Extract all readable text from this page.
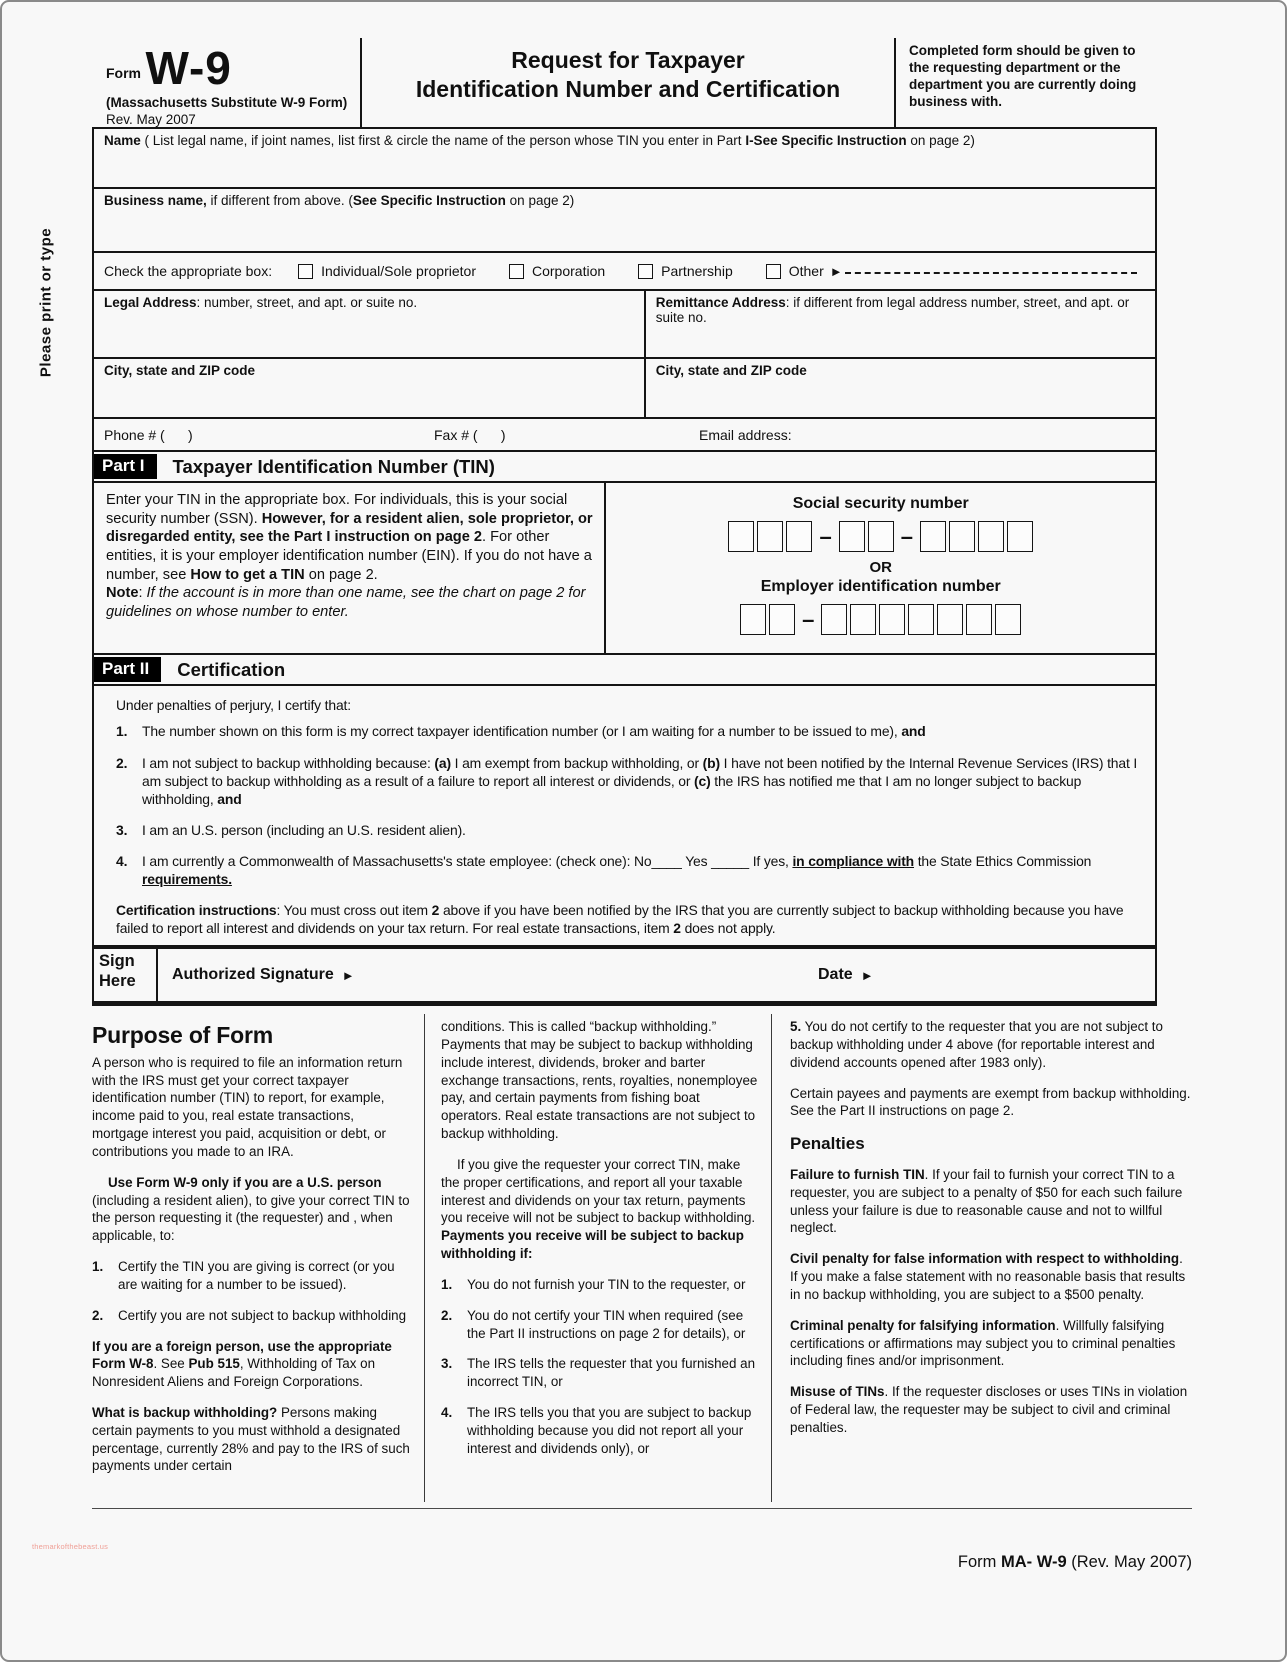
Please print or type
Form W-9
(Massachusetts Substitute W-9 Form)
Rev. May 2007
Request for Taxpayer
Identification Number and Certification
Completed form should be given to the requesting department or the department you are currently doing business with.
Name ( List legal name, if joint names, list first & circle the name of the person whose TIN you enter in Part I-See Specific Instruction on page 2)
Business name, if different from above. (See Specific Instruction on page 2)
Check the appropriate box:	Individual/Sole proprietor	Corporation	Partnership	Other ►
Legal Address: number, street, and apt. or suite no.	Remittance Address: if different from legal address number, street, and apt. or suite no.
City, state and ZIP code	City, state and ZIP code
Phone # (      )	Fax # (      )	Email address:
Part I	Taxpayer Identification Number (TIN)
Enter your TIN in the appropriate box. For individuals, this is your social security number (SSN). However, for a resident alien, sole proprietor, or disregarded entity, see the Part I instruction on page 2. For other entities, it is your employer identification number (EIN). If you do not have a number, see How to get a TIN on page 2.
Note: If the account is in more than one name, see the chart on page 2 for guidelines on whose number to enter.
Social security number
–	–
OR
Employer identification number
–
Part II	Certification
Under penalties of perjury, I certify that:
1.	The number shown on this form is my correct taxpayer identification number (or I am waiting for a number to be issued to me), and
2.	I am not subject to backup withholding because: (a) I am exempt from backup withholding, or (b) I have not been notified by the Internal Revenue Services (IRS) that I am subject to backup withholding as a result of a failure to report all interest or dividends, or (c) the IRS has notified me that I am no longer subject to backup withholding, and
3.	I am an U.S. person (including an U.S. resident alien).
4.	I am currently a Commonwealth of Massachusetts's state employee: (check one): No____ Yes _____ If yes, in compliance with the State Ethics Commission requirements.
Certification instructions: You must cross out item 2 above if you have been notified by the IRS that you are currently subject to backup withholding because you have failed to report all interest and dividends on your tax return. For real estate transactions, item 2 does not apply.
Sign
Here	Authorized Signature ►	Date ►
Purpose of Form
A person who is required to file an information return with the IRS must get your correct taxpayer identification number (TIN) to report, for example, income paid to you, real estate transactions, mortgage interest you paid, acquisition or debt, or contributions you made to an IRA.
Use Form W-9 only if you are a U.S. person (including a resident alien), to give your correct TIN to the person requesting it (the requester) and , when applicable, to:
1.	Certify the TIN you are giving is correct (or you are waiting for a number to be issued).
2.	Certify you are not subject to backup withholding
If you are a foreign person, use the appropriate Form W-8. See Pub 515, Withholding of Tax on Nonresident Aliens and Foreign Corporations.
What is backup withholding? Persons making certain payments to you must withhold a designated percentage, currently 28% and pay to the IRS of such payments under certain
conditions. This is called “backup withholding.” Payments that may be subject to backup withholding include interest, dividends, broker and barter exchange transactions, rents, royalties, nonemployee pay, and certain payments from fishing boat operators. Real estate transactions are not subject to backup withholding.
If you give the requester your correct TIN, make the proper certifications, and report all your taxable interest and dividends on your tax return, payments you receive will not be subject to backup withholding. Payments you receive will be subject to backup withholding if:
1.	You do not furnish your TIN to the requester, or
2.	You do not certify your TIN when required (see the Part II instructions on page 2 for details), or
3.	The IRS tells the requester that you furnished an incorrect TIN, or
4.	The IRS tells you that you are subject to backup withholding because you did not report all your interest and dividends only), or
5. You do not certify to the requester that you are not subject to backup withholding under 4 above (for reportable interest and dividend accounts opened after 1983 only).
Certain payees and payments are exempt from backup withholding. See the Part II instructions on page 2.
Penalties
Failure to furnish TIN. If your fail to furnish your correct TIN to a requester, you are subject to a penalty of $50 for each such failure unless your failure is due to reasonable cause and not to willful neglect.
Civil penalty for false information with respect to withholding. If you make a false statement with no reasonable basis that results in no backup withholding, you are subject to a $500 penalty.
Criminal penalty for falsifying information. Willfully falsifying certifications or affirmations may subject you to criminal penalties including fines and/or imprisonment.
Misuse of TINs. If the requester discloses or uses TINs in violation of Federal law, the requester may be subject to civil and criminal penalties.
Form MA- W-9 (Rev. May 2007)
themarkofthebeast.us
